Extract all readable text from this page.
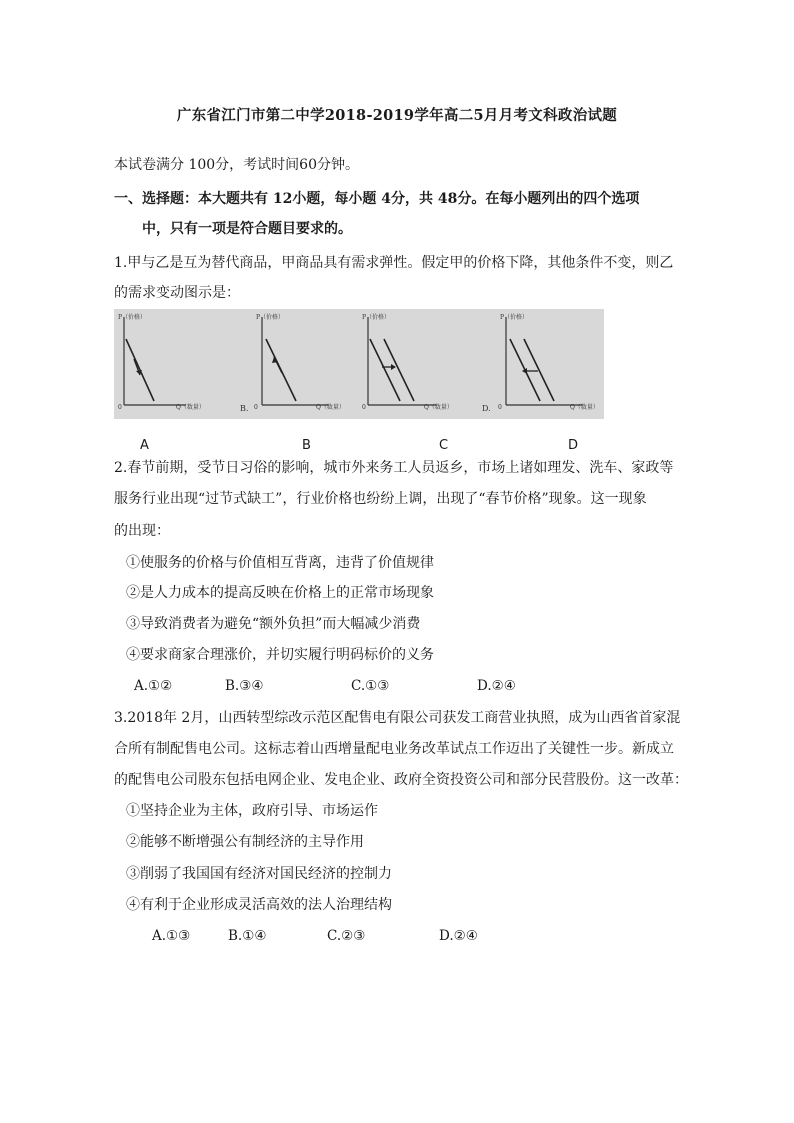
广东省江门市第二中学2018-2019学年高二5月月考文科政治试题
本试卷满分 100分，考试时间60分钟。
一、选择题：本大题共有 12小题，每小题 4分，共 48分。在每小题列出的四个选项
中，只有一项是符合题目要求的。
1.甲与乙是互为替代商品，甲商品具有需求弹性。假定甲的价格下降，其他条件不变，则乙
的需求变动图示是：
P（价格）
Q（数量）
0	B.
P（价格）
Q（数量）
0
P（价格）
Q（数量）
0	D.
P（价格）
Q（数量）
0
A	B	C	D
2.春节前期，受节日习俗的影响，城市外来务工人员返乡，市场上诸如理发、洗车、家政等
服务行业出现“过节式缺工”，行业价格也纷纷上调，出现了“春节价格”现象。这一现象
的出现：
①使服务的价格与价值相互背离，违背了价值规律
②是人力成本的提高反映在价格上的正常市场现象
③导致消费者为避免“额外负担”而大幅减少消费
④要求商家合理涨价，并切实履行明码标价的义务
A.①②	B.③④	C.①③	D.②④
3.2018年 2月，山西转型综改示范区配售电有限公司获发工商营业执照，成为山西省首家混
合所有制配售电公司。这标志着山西增量配电业务改革试点工作迈出了关键性一步。新成立
的配售电公司股东包括电网企业、发电企业、政府全资投资公司和部分民营股份。这一改革：
①坚持企业为主体，政府引导、市场运作
②能够不断增强公有制经济的主导作用
③削弱了我国国有经济对国民经济的控制力
④有利于企业形成灵活高效的法人治理结构
A.①③	B.①④	C.②③	D.②④
